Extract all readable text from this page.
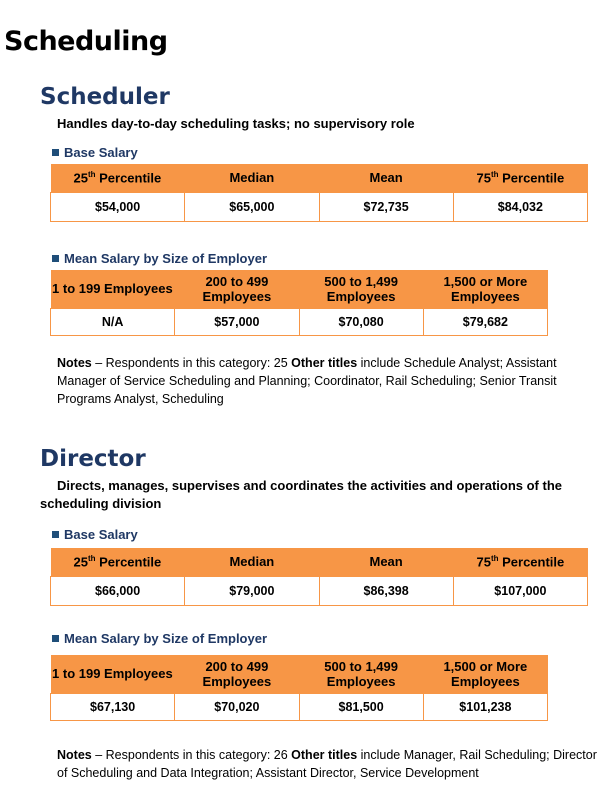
Scheduling
Scheduler
Handles day-to-day scheduling tasks; no supervisory role
Base Salary
25th Percentile	Median	Mean	75th Percentile
$54,000	$65,000	$72,735	$84,032
Mean Salary by Size of Employer
1 to 199 Employees	200 to 499 Employees	500 to 1,499 Employees	1,500 or More Employees
N/A	$57,000	$70,080	$79,682
Notes – Respondents in this category: 25 Other titles include Schedule Analyst; Assistant Manager of Service Scheduling and Planning; Coordinator, Rail Scheduling; Senior Transit Programs Analyst, Scheduling
Director
Directs, manages, supervises and coordinates the activities and operations of the scheduling division
Base Salary
25th Percentile	Median	Mean	75th Percentile
$66,000	$79,000	$86,398	$107,000
Mean Salary by Size of Employer
1 to 199 Employees	200 to 499 Employees	500 to 1,499 Employees	1,500 or More Employees
$67,130	$70,020	$81,500	$101,238
Notes – Respondents in this category: 26 Other titles include Manager, Rail Scheduling; Director of Scheduling and Data Integration; Assistant Director, Service Development
